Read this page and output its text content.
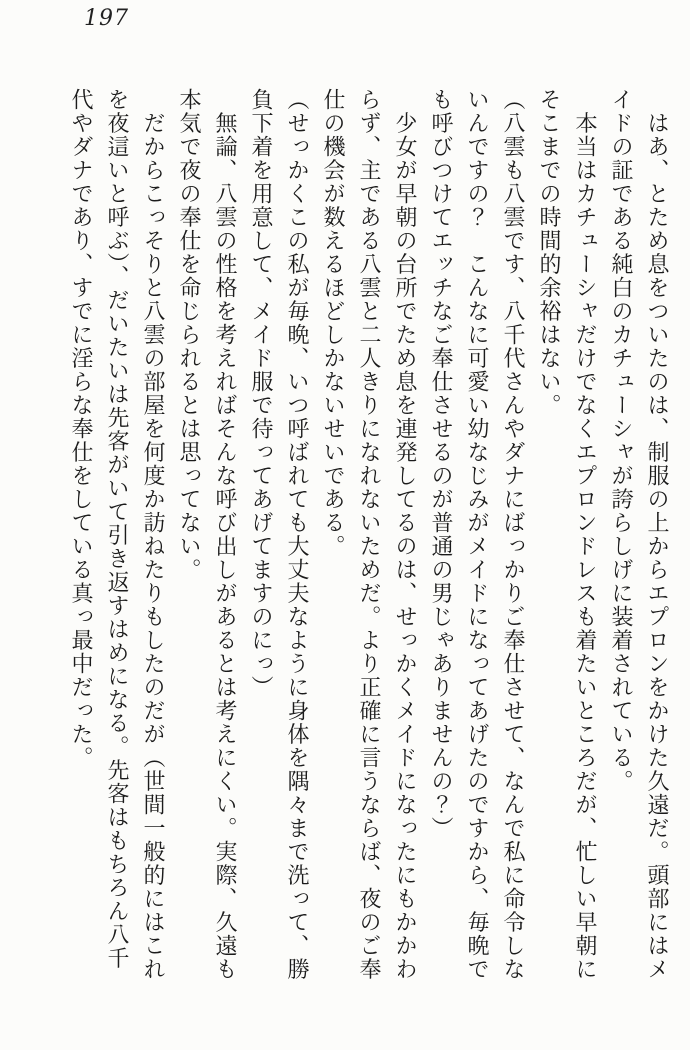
197

　はあ、とため息をついたのは、制服の上からエプロンをかけた久遠だ。頭部にはメ

イドの証である純白のカチューシャが誇らしげに装着されている。

　本当はカチューシャだけでなくエプロンドレスも着たいところだが、忙しい早朝に

そこまでの時間的余裕はない。

（八雲も八雲です、八千代さんやダナにばっかりご奉仕させて、なんで私に命令しな

いんですの？　こんなに可愛い幼なじみがメイドになってあげたのですから、毎晩で

も呼びつけてエッチなご奉仕させるのが普通の男じゃありませんの？）

　少女が早朝の台所でため息を連発してるのは、せっかくメイドになったにもかかわ

らず、主である八雲と二人きりになれないためだ。より正確に言うならば、夜のご奉

仕の機会が数えるほどしかないせいである。

（せっかくこの私が毎晩、いつ呼ばれても大丈夫なように身体を隅々まで洗って、勝

負下着を用意して、メイド服で待ってあげてますのにっ）

　無論、八雲の性格を考えればそんな呼び出しがあるとは考えにくい。実際、久遠も

本気で夜の奉仕を命じられるとは思ってない。

　だからこっそりと八雲の部屋を何度か訪ねたりもしたのだが（世間一般的にはこれ

を夜這いと呼ぶ）、だいたいは先客がいて引き返すはめになる。先客はもちろん八千

代やダナであり、すでに淫らな奉仕をしている真っ最中だった。
